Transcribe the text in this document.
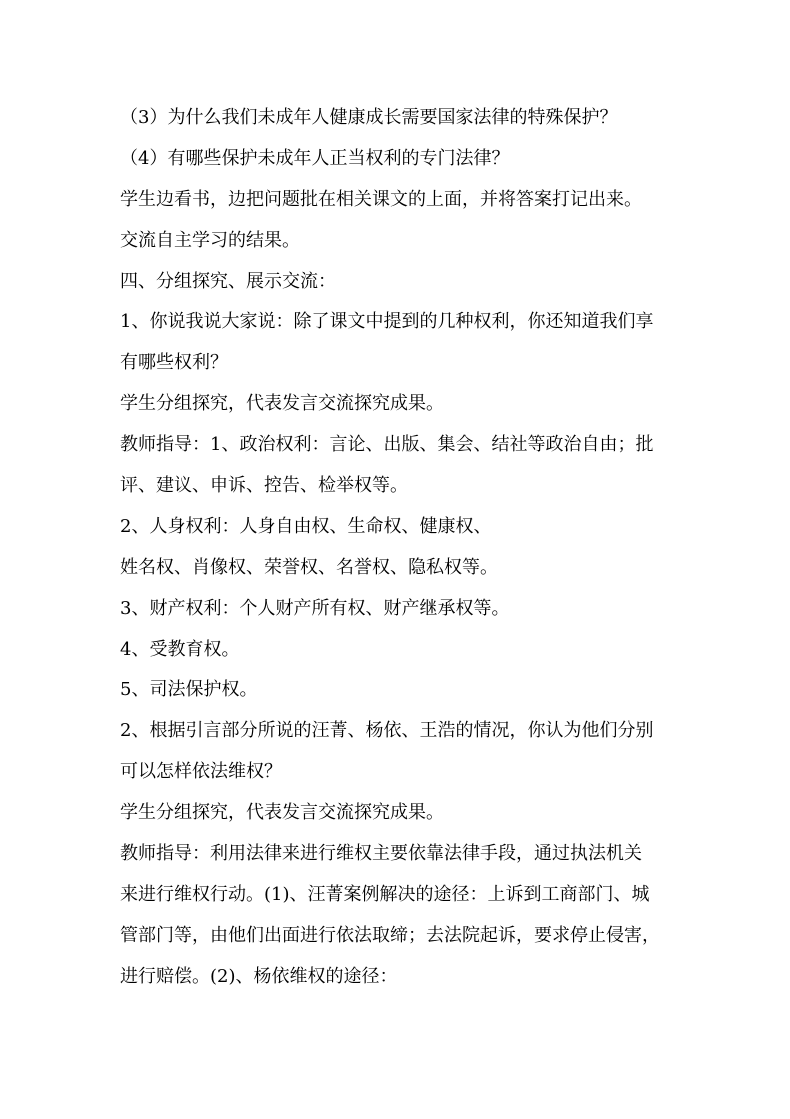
（3）为什么我们未成年人健康成长需要国家法律的特殊保护？
（4）有哪些保护未成年人正当权利的专门法律？
学生边看书，边把问题批在相关课文的上面，并将答案打记出来。
交流自主学习的结果。
四、分组探究、展示交流：
1、你说我说大家说：除了课文中提到的几种权利，你还知道我们享
有哪些权利？
学生分组探究，代表发言交流探究成果。
教师指导：1、政治权利：言论、出版、集会、结社等政治自由；批
评、建议、申诉、控告、检举权等。
2、人身权利：人身自由权、生命权、健康权、
姓名权、肖像权、荣誉权、名誉权、隐私权等。
3、财产权利：个人财产所有权、财产继承权等。
4、受教育权。
5、司法保护权。
2、根据引言部分所说的汪菁、杨依、王浩的情况，你认为他们分别
可以怎样依法维权？
学生分组探究，代表发言交流探究成果。
教师指导：利用法律来进行维权主要依靠法律手段，通过执法机关
来进行维权行动。(1)、汪菁案例解决的途径：上诉到工商部门、城
管部门等，由他们出面进行依法取缔；去法院起诉，要求停止侵害，
进行赔偿。(2)、杨依维权的途径：
